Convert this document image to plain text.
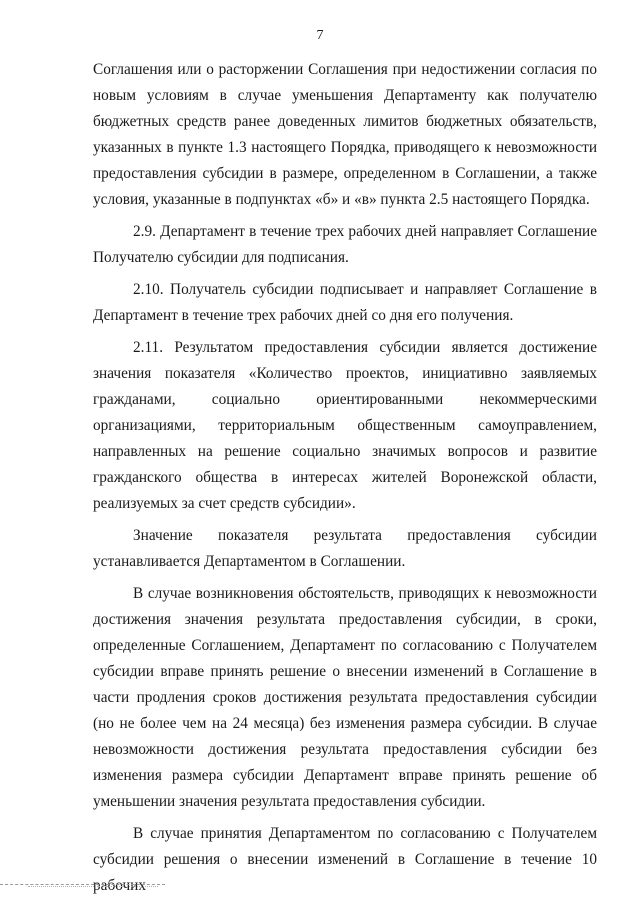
7

Соглашения или о расторжении Соглашения при недостижении согласия по новым условиям в случае уменьшения Департаменту как получателю бюджетных средств ранее доведенных лимитов бюджетных обязательств, указанных в пункте 1.3 настоящего Порядка, приводящего к невозможности предоставления субсидии в размере, определенном в Соглашении, а также условия, указанные в подпунктах «б» и «в» пункта 2.5 настоящего Порядка.

2.9. Департамент в течение трех рабочих дней направляет Соглашение Получателю субсидии для подписания.

2.10. Получатель субсидии подписывает и направляет Соглашение в Департамент в течение трех рабочих дней со дня его получения.

2.11. Результатом предоставления субсидии является достижение значения показателя «Количество проектов, инициативно заявляемых гражданами, социально ориентированными некоммерческими организациями, территориальным общественным самоуправлением, направленных на решение социально значимых вопросов и развитие гражданского общества в интересах жителей Воронежской области, реализуемых за счет средств субсидии».

Значение показателя результата предоставления субсидии устанавливается Департаментом в Соглашении.

В случае возникновения обстоятельств, приводящих к невозможности достижения значения результата предоставления субсидии, в сроки, определенные Соглашением, Департамент по согласованию с Получателем субсидии вправе принять решение о внесении изменений в Соглашение в части продления сроков достижения результата предоставления субсидии (но не более чем на 24 месяца) без изменения размера субсидии. В случае невозможности достижения результата предоставления субсидии без изменения размера субсидии Департамент вправе принять решение об уменьшении значения результата предоставления субсидии.

В случае принятия Департаментом по согласованию с Получателем субсидии решения о внесении изменений в Соглашение в течение 10 рабочих
